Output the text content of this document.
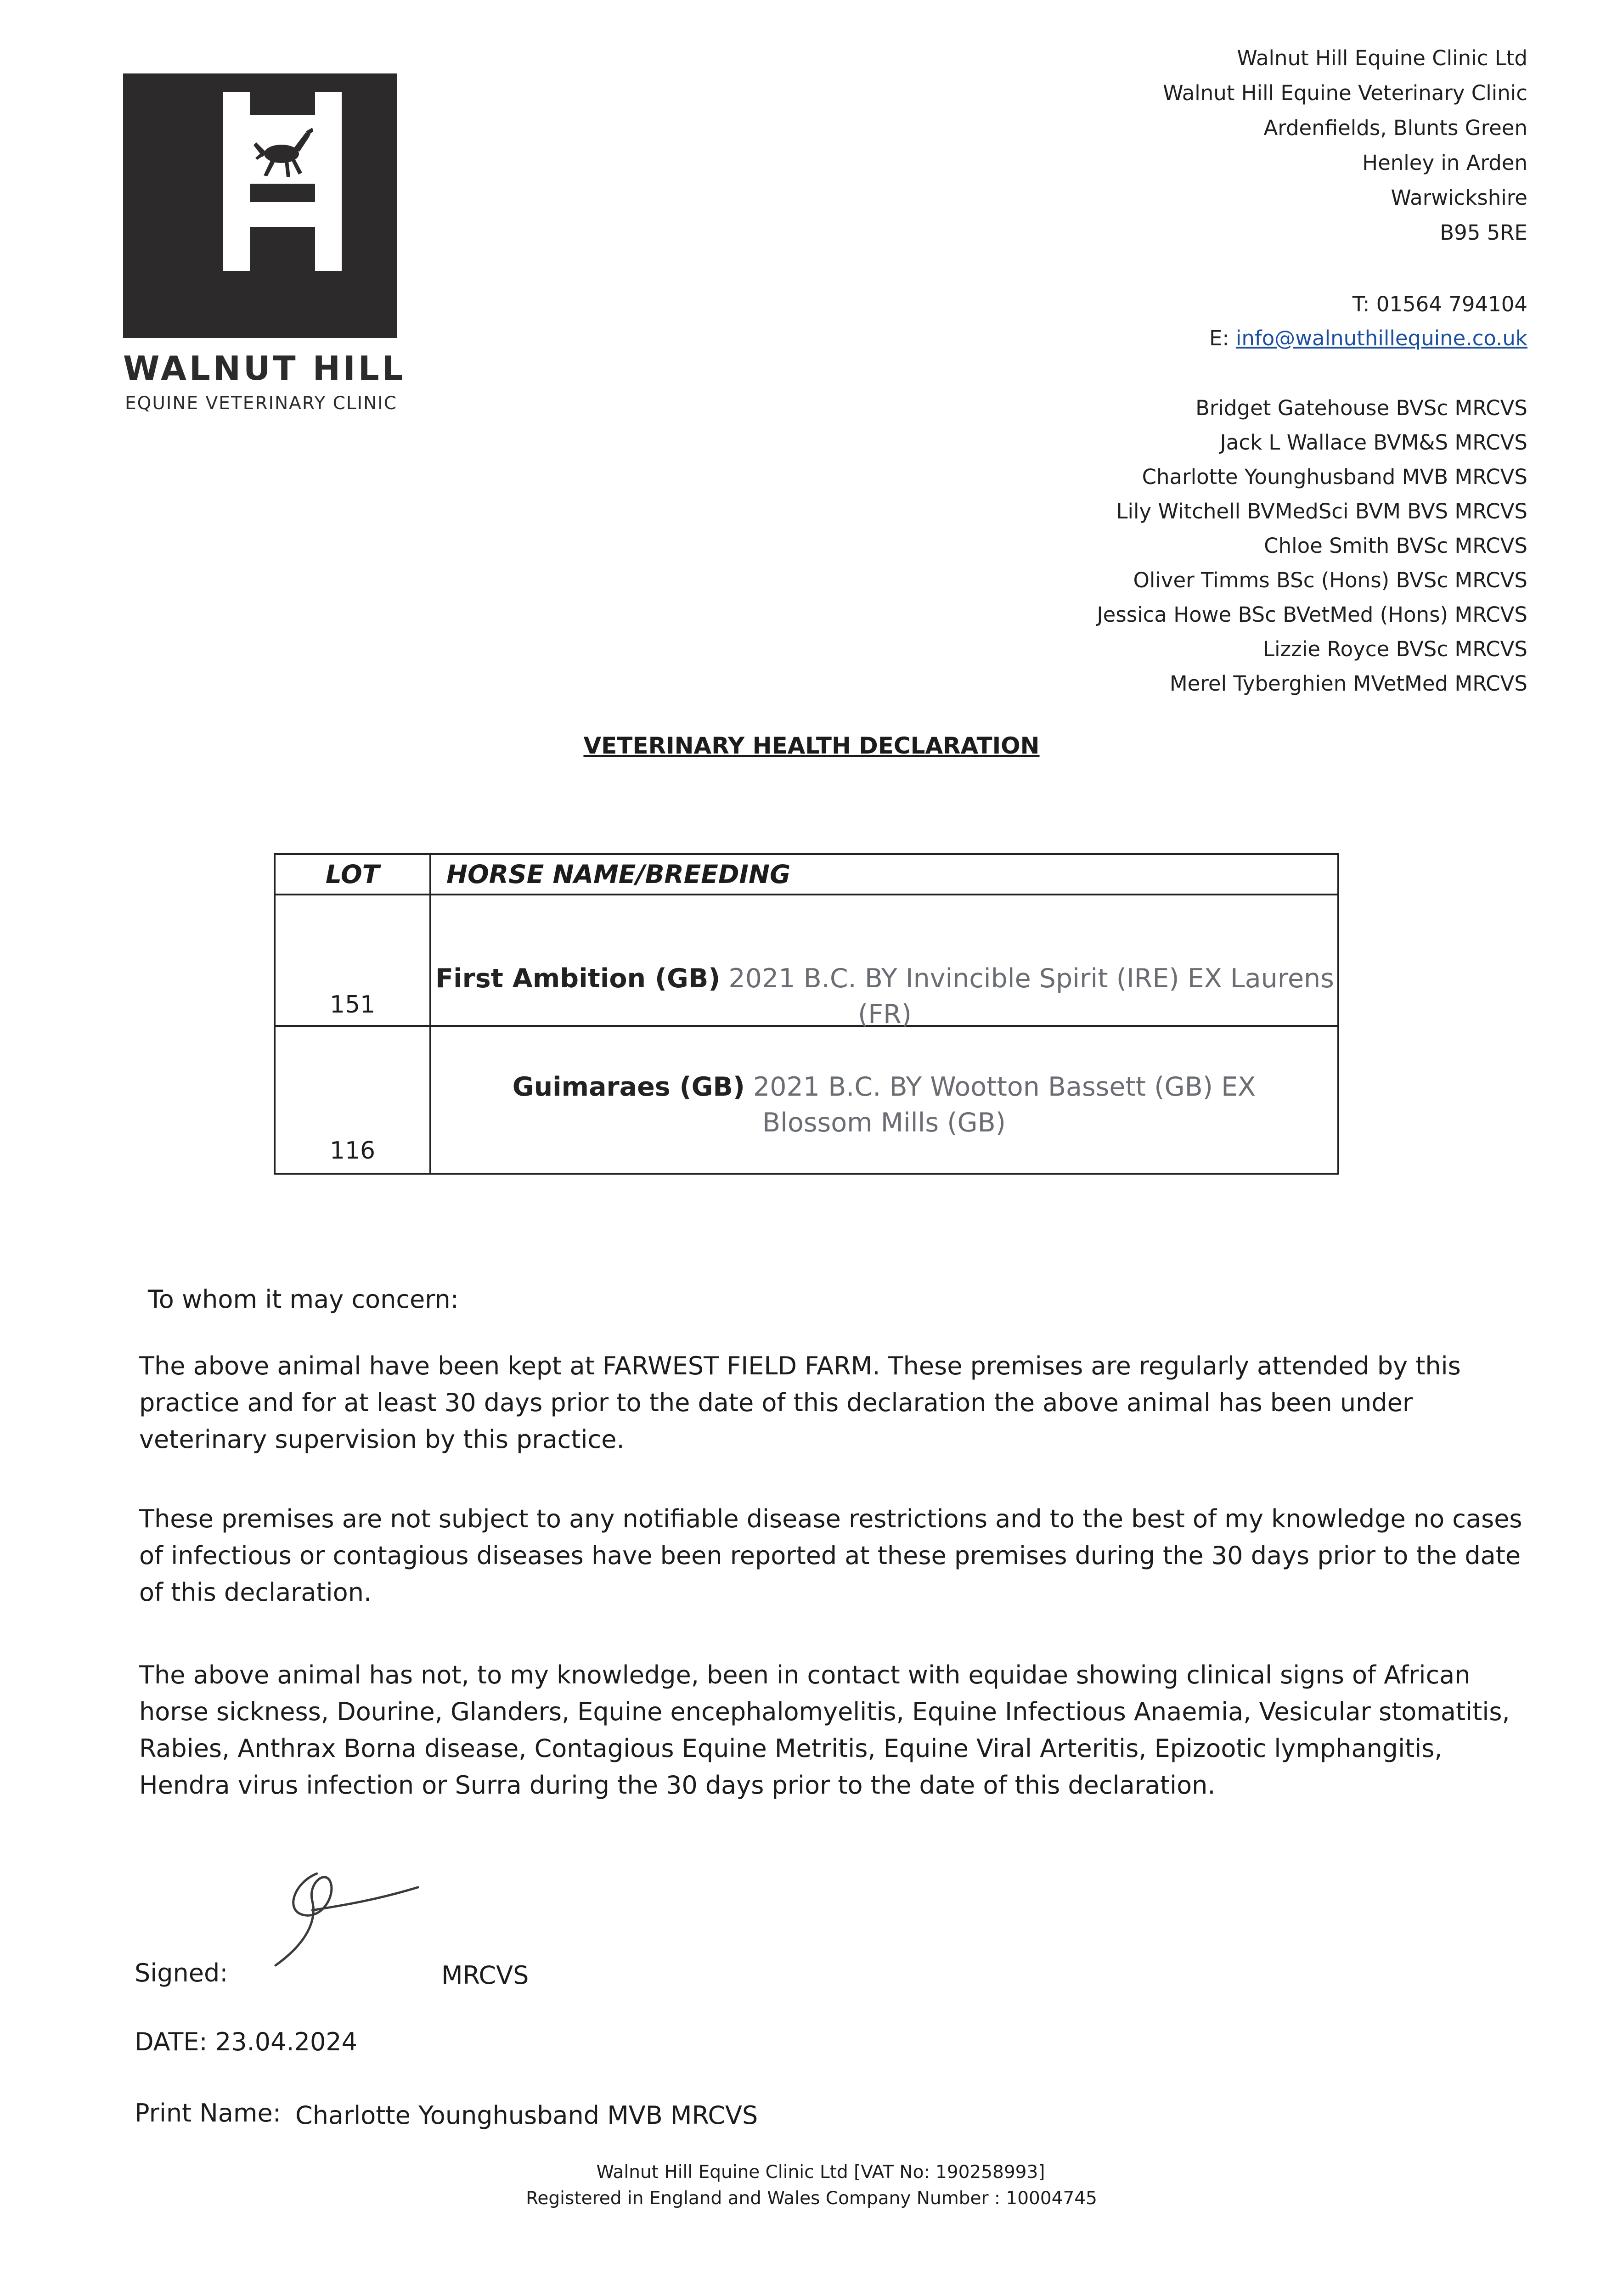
WALNUT HILL
EQUINE VETERINARY CLINIC
Walnut Hill Equine Clinic Ltd
Walnut Hill Equine Veterinary Clinic
Ardenfields, Blunts Green
Henley in Arden
Warwickshire
B95 5RE
T: 01564 794104
E: info@walnuthillequine.co.uk
Bridget Gatehouse BVSc MRCVS
Jack L Wallace BVM&S MRCVS
Charlotte Younghusband MVB MRCVS
Lily Witchell BVMedSci BVM BVS MRCVS
Chloe Smith BVSc MRCVS
Oliver Timms BSc (Hons) BVSc MRCVS
Jessica Howe BSc BVetMed (Hons) MRCVS
Lizzie Royce BVSc MRCVS
Merel Tyberghien MVetMed MRCVS
VETERINARY HEALTH DECLARATION
LOT	HORSE NAME/BREEDING
151
First Ambition (GB) 2021 B.C. BY Invincible Spirit (IRE) EX Laurens (FR)
116
Guimaraes (GB) 2021 B.C. BY Wootton Bassett (GB) EX Blossom Mills (GB)
To whom it may concern:
The above animal have been kept at FARWEST FIELD FARM. These premises are regularly attended by this practice and for at least 30 days prior to the date of this declaration the above animal has been under veterinary supervision by this practice.
These premises are not subject to any notifiable disease restrictions and to the best of my knowledge no cases of infectious or contagious diseases have been reported at these premises during the 30 days prior to the date of this declaration.
The above animal has not, to my knowledge, been in contact with equidae showing clinical signs of African horse sickness, Dourine, Glanders, Equine encephalomyelitis, Equine Infectious Anaemia, Vesicular stomatitis, Rabies, Anthrax Borna disease, Contagious Equine Metritis, Equine Viral Arteritis, Epizootic lymphangitis, Hendra virus infection or Surra during the 30 days prior to the date of this declaration.
Signed:	MRCVS
DATE: 23.04.2024
Print Name: Charlotte Younghusband MVB MRCVS
Walnut Hill Equine Clinic Ltd [VAT No: 190258993]
Registered in England and Wales Company Number : 10004745
